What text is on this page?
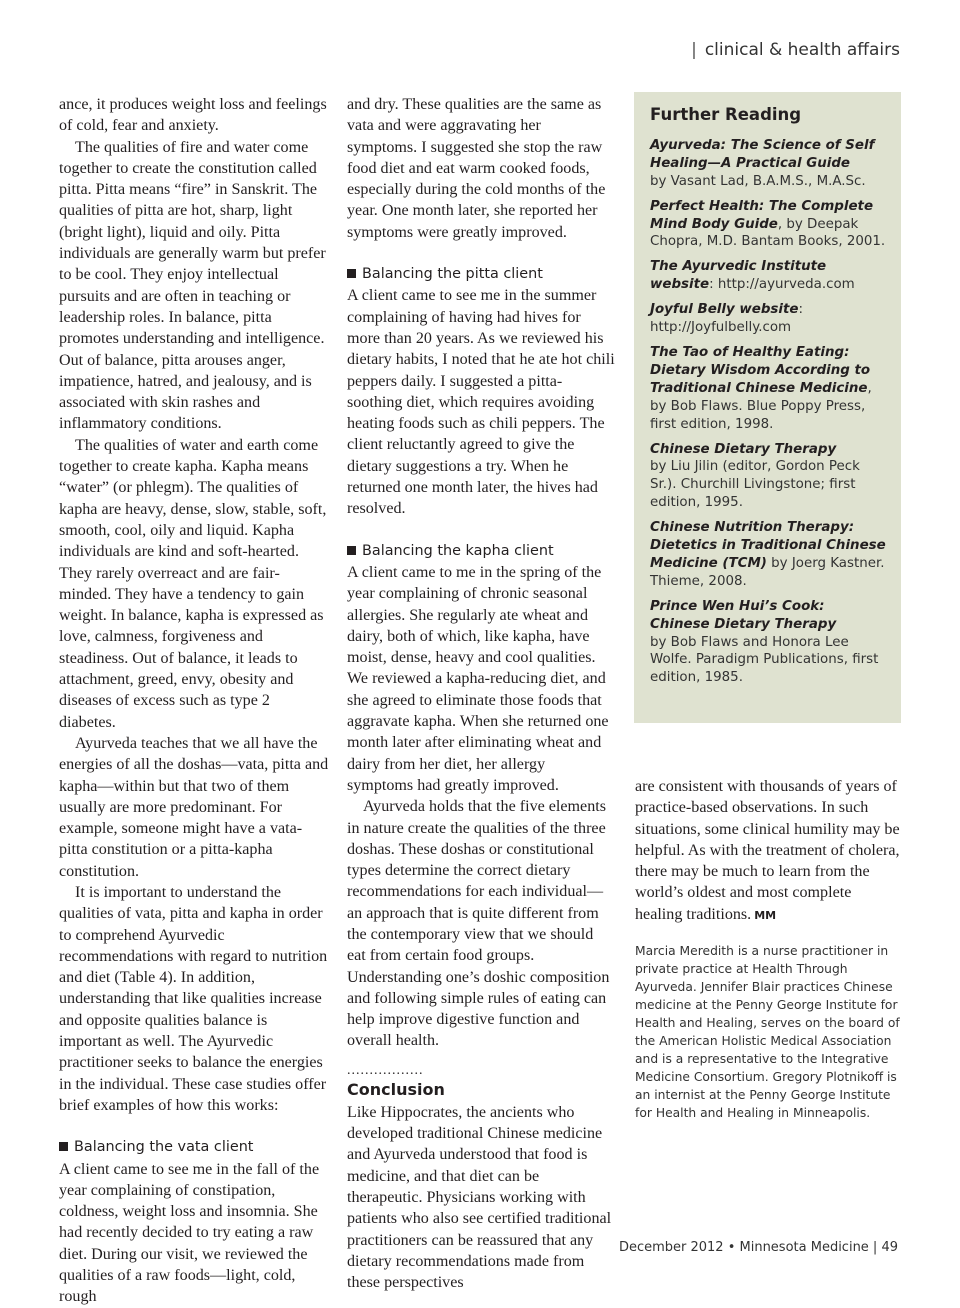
| clinical & health affairs

ance, it produces weight loss and feelings of cold, fear and anxiety.

The qualities of fire and water come together to create the constitution called pitta. Pitta means “fire” in Sanskrit. The qualities of pitta are hot, sharp, light (bright light), liquid and oily. Pitta individuals are generally warm but prefer to be cool. They enjoy intellectual pursuits and are often in teaching or leadership roles. In balance, pitta promotes understanding and intelligence. Out of balance, pitta arouses anger, impatience, hatred, and jealousy, and is associated with skin rashes and inflammatory conditions.

The qualities of water and earth come together to create kapha. Kapha means “water” (or phlegm). The qualities of kapha are heavy, dense, slow, stable, soft, smooth, cool, oily and liquid. Kapha individuals are kind and soft-hearted. They rarely overreact and are fair-minded. They have a tendency to gain weight. In balance, kapha is expressed as love, calmness, forgiveness and steadiness. Out of balance, it leads to attachment, greed, envy, obesity and diseases of excess such as type 2 diabetes.

Ayurveda teaches that we all have the energies of all the doshas—vata, pitta and kapha—within but that two of them usually are more predominant. For example, someone might have a vata-pitta constitution or a pitta-kapha constitution.

It is important to understand the qualities of vata, pitta and kapha in order to comprehend Ayurvedic recommendations with regard to nutrition and diet (Table 4). In addition, understanding that like qualities increase and opposite qualities balance is important as well. The Ayurvedic practitioner seeks to balance the energies in the individual. These case studies offer brief examples of how this works:

Balancing the vata client

A client came to see me in the fall of the year complaining of constipation, coldness, weight loss and insomnia. She had recently decided to try eating a raw diet. During our visit, we reviewed the qualities of a raw foods—light, cold, rough

and dry. These qualities are the same as vata and were aggravating her symptoms. I suggested she stop the raw food diet and eat warm cooked foods, especially during the cold months of the year. One month later, she reported her symptoms were greatly improved.

Balancing the pitta client

A client came to see me in the summer complaining of having had hives for more than 20 years. As we reviewed his dietary habits, I noted that he ate hot chili peppers daily. I suggested a pitta-soothing diet, which requires avoiding heating foods such as chili peppers. The client reluctantly agreed to give the dietary suggestions a try. When he returned one month later, the hives had resolved.

Balancing the kapha client

A client came to me in the spring of the year complaining of chronic seasonal allergies. She regularly ate wheat and dairy, both of which, like kapha, have moist, dense, heavy and cool qualities. We reviewed a kapha-reducing diet, and she agreed to eliminate those foods that aggravate kapha. When she returned one month later after eliminating wheat and dairy from her diet, her allergy symptoms had greatly improved.

Ayurveda holds that the five elements in nature create the qualities of the three doshas. These doshas or constitutional types determine the correct dietary recommendations for each individual—an approach that is quite different from the contemporary view that we should eat from certain food groups. Understanding one’s doshic composition and following simple rules of eating can help improve digestive function and overall health.

.................
Conclusion

Like Hippocrates, the ancients who developed traditional Chinese medicine and Ayurveda understood that food is medicine, and that diet can be therapeutic. Physicians working with patients who also see certified traditional practitioners can be reassured that any dietary recommendations made from these perspectives

Further Reading
Ayurveda: The Science of Self Healing—A Practical Guide
by Vasant Lad, B.A.M.S., M.A.Sc.
Perfect Health: The Complete Mind Body Guide, by Deepak Chopra, M.D. Bantam Books, 2001.
The Ayurvedic Institute website: http://ayurveda.com
Joyful Belly website: http://Joyfulbelly.com
The Tao of Healthy Eating: Dietary Wisdom According to Traditional Chinese Medicine, by Bob Flaws. Blue Poppy Press, first edition, 1998.
Chinese Dietary Therapy
by Liu Jilin (editor, Gordon Peck Sr.). Churchill Livingstone; first edition, 1995.
Chinese Nutrition Therapy: Dietetics in Traditional Chinese Medicine (TCM) by Joerg Kastner. Thieme, 2008.
Prince Wen Hui’s Cook: Chinese Dietary Therapy
by Bob Flaws and Honora Lee Wolfe. Paradigm Publications, first edition, 1985.

are consistent with thousands of years of practice-based observations. In such situations, some clinical humility may be helpful. As with the treatment of cholera, there may be much to learn from the world’s oldest and most complete healing traditions. MM

Marcia Meredith is a nurse practitioner in private practice at Health Through Ayurveda. Jennifer Blair practices Chinese medicine at the Penny George Institute for Health and Healing, serves on the board of the American Holistic Medical Association and is a representative to the Integrative Medicine Consortium. Gregory Plotnikoff is an internist at the Penny George Institute for Health and Healing in Minneapolis.
December 2012 • Minnesota Medicine | 49
